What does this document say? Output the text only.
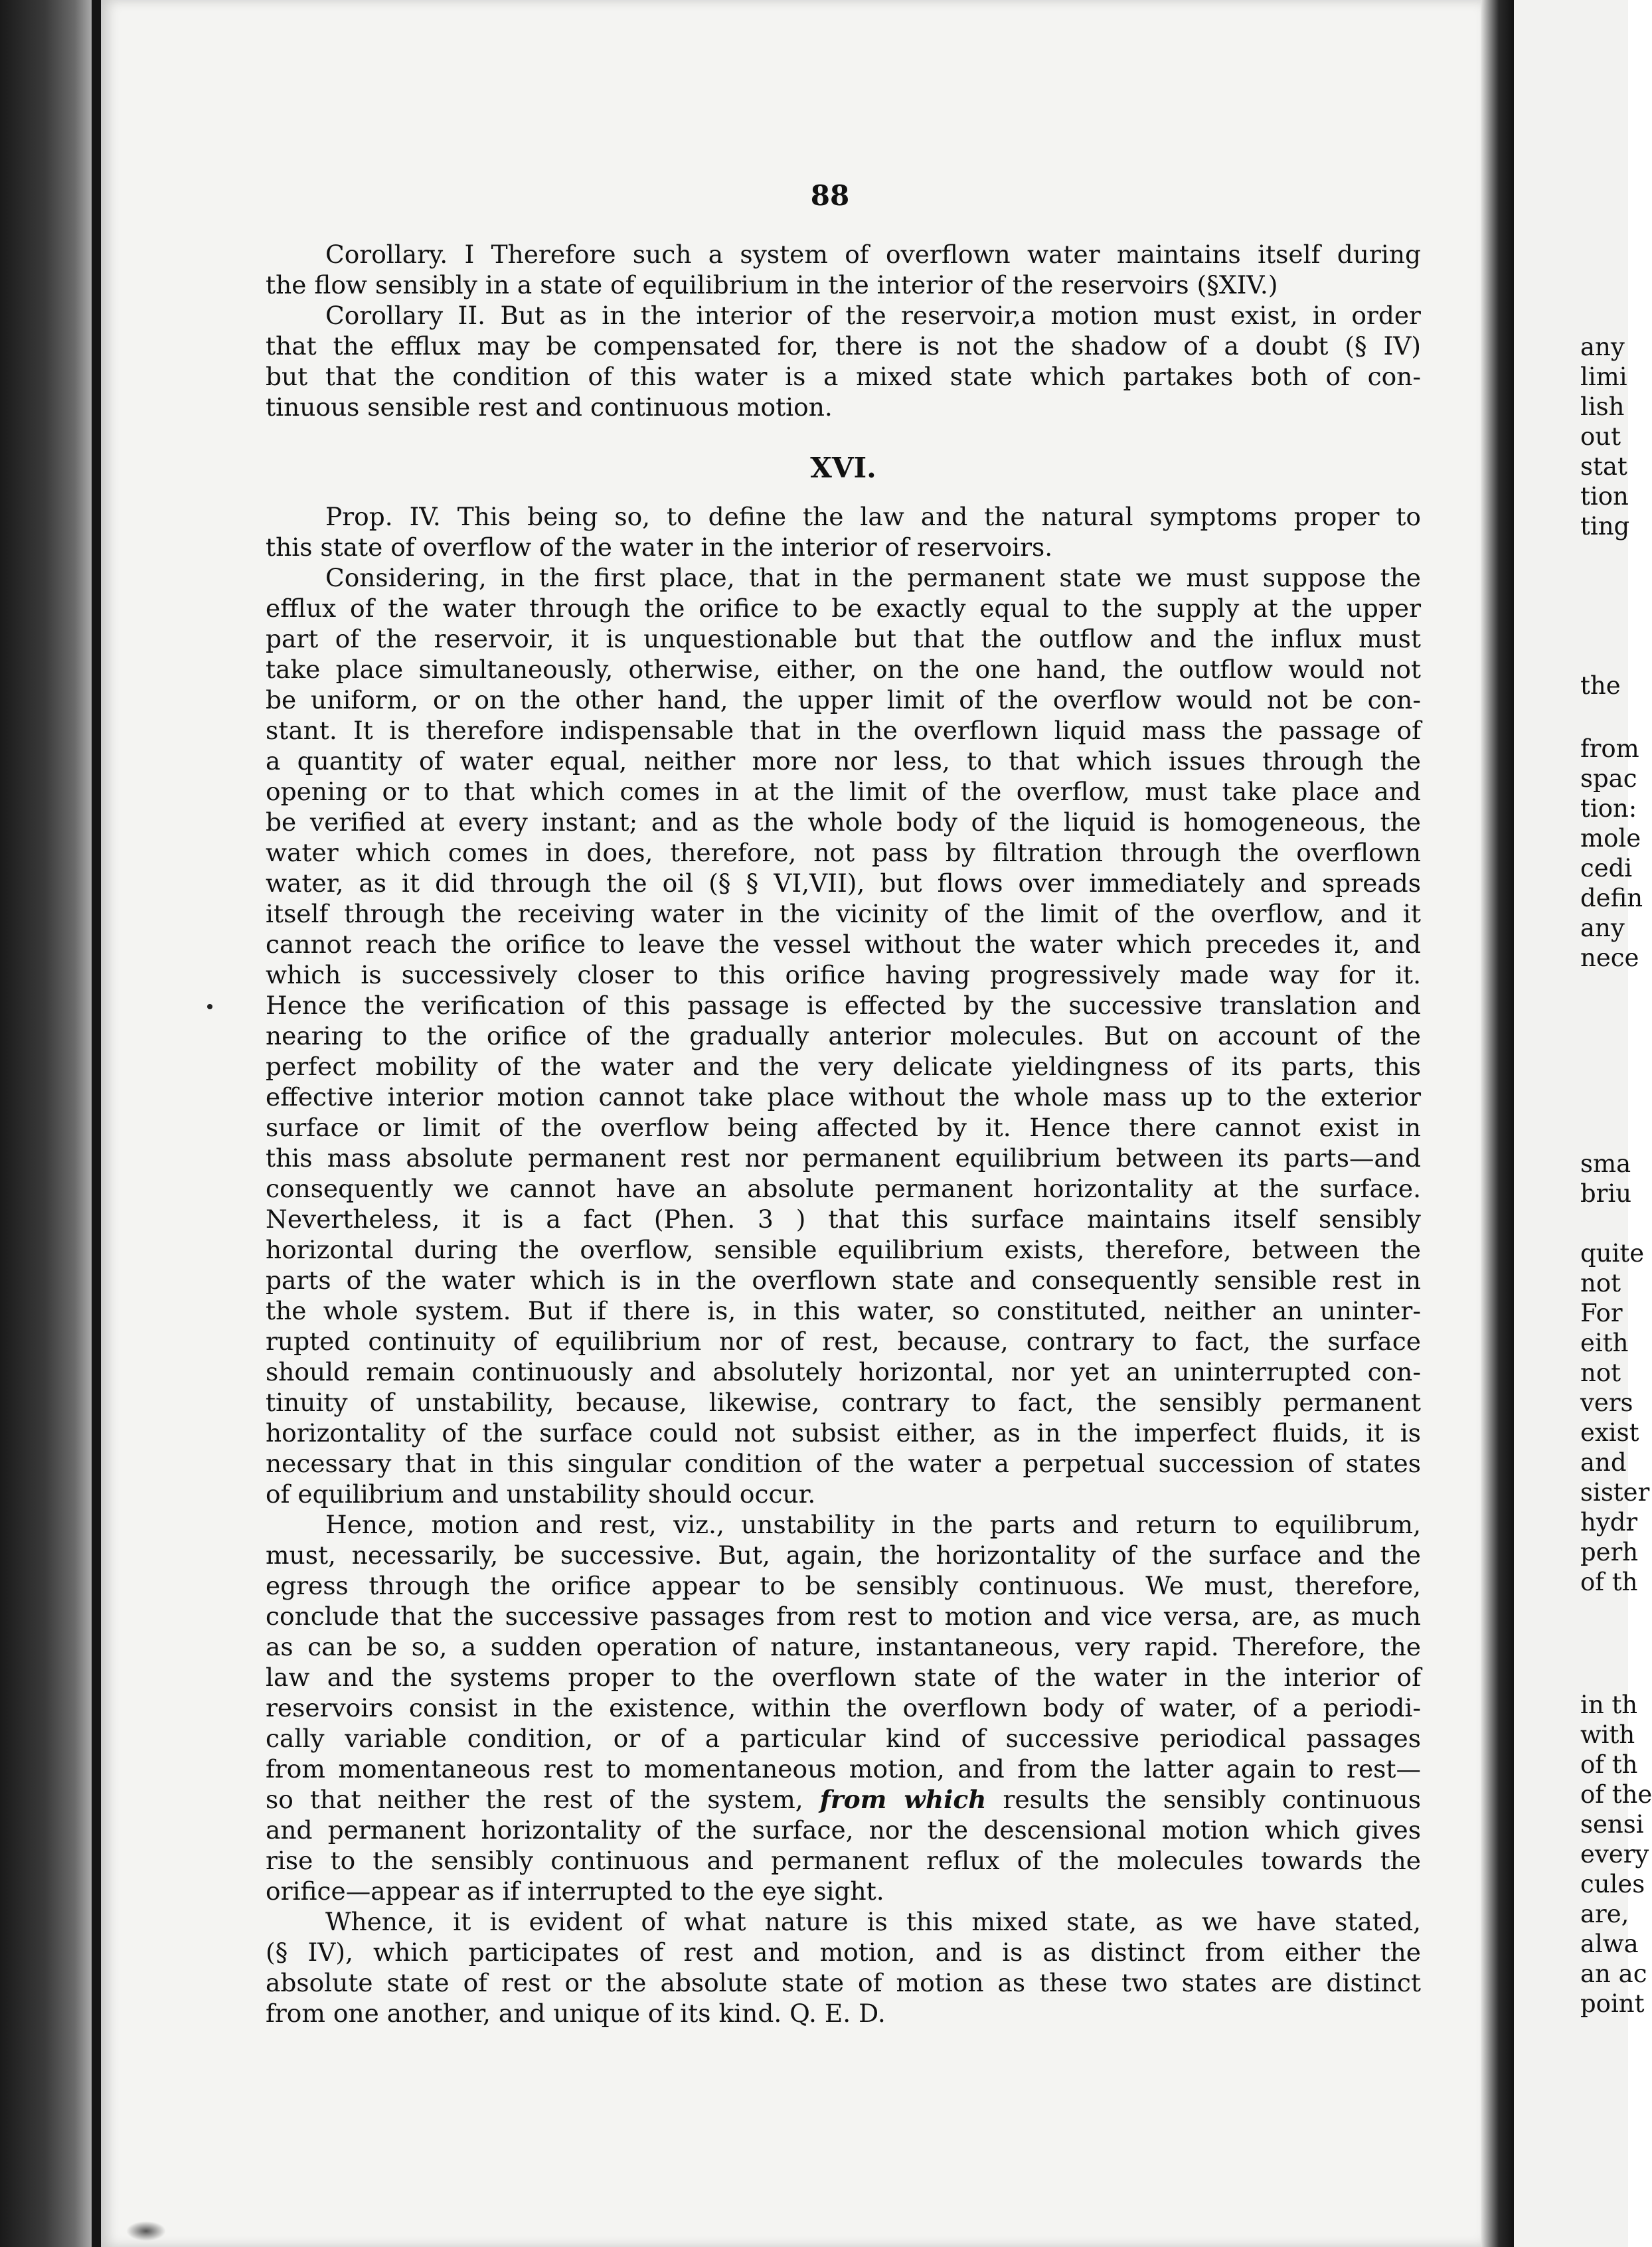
88
Corollary. I Therefore such a system of overflown water maintains itself during
the flow sensibly in a state of equilibrium in the interior of the reservoirs (§XIV.)
Corollary II. But as in the interior of the reservoir,a motion must exist, in order
that the efflux may be compensated for, there is not the shadow of a doubt (§ IV)
but that the condition of this water is a mixed state which partakes both of con-
tinuous sensible rest and continuous motion.
XVI.
Prop. IV. This being so, to define the law and the natural symptoms proper to
this state of overflow of the water in the interior of reservoirs.
Considering, in the first place, that in the permanent state we must suppose the
efflux of the water through the orifice to be exactly equal to the supply at the upper
part of the reservoir, it is unquestionable but that the outflow and the influx must
take place simultaneously, otherwise, either, on the one hand, the outflow would not
be uniform, or on the other hand, the upper limit of the overflow would not be con-
stant. It is therefore indispensable that in the overflown liquid mass the passage of
a quantity of water equal, neither more nor less, to that which issues through the
opening or to that which comes in at the limit of the overflow, must take place and
be verified at every instant; and as the whole body of the liquid is homogeneous, the
water which comes in does, therefore, not pass by filtration through the overflown
water, as it did through the oil (§ § VI,VII), but flows over immediately and spreads
itself through the receiving water in the vicinity of the limit of the overflow, and it
cannot reach the orifice to leave the vessel without the water which precedes it, and
which is successively closer to this orifice having progressively made way for it.
Hence the verification of this passage is effected by the successive translation and
nearing to the orifice of the gradually anterior molecules. But on account of the
perfect mobility of the water and the very delicate yieldingness of its parts, this
effective interior motion cannot take place without the whole mass up to the exterior
surface or limit of the overflow being affected by it. Hence there cannot exist in
this mass absolute permanent rest nor permanent equilibrium between its parts—and
consequently we cannot have an absolute permanent horizontality at the surface.
Nevertheless, it is a fact (Phen. 3 ) that this surface maintains itself sensibly
horizontal during the overflow, sensible equilibrium exists, therefore, between the
parts of the water which is in the overflown state and consequently sensible rest in
the whole system. But if there is, in this water, so constituted, neither an uninter-
rupted continuity of equilibrium nor of rest, because, contrary to fact, the surface
should remain continuously and absolutely horizontal, nor yet an uninterrupted con-
tinuity of unstability, because, likewise, contrary to fact, the sensibly permanent
horizontality of the surface could not subsist either, as in the imperfect fluids, it is
necessary that in this singular condition of the water a perpetual succession of states
of equilibrium and unstability should occur.
Hence, motion and rest, viz., unstability in the parts and return to equilibrum,
must, necessarily, be successive. But, again, the horizontality of the surface and the
egress through the orifice appear to be sensibly continuous. We must, therefore,
conclude that the successive passages from rest to motion and vice versa, are, as much
as can be so, a sudden operation of nature, instantaneous, very rapid. Therefore, the
law and the systems proper to the overflown state of the water in the interior of
reservoirs consist in the existence, within the overflown body of water, of a periodi-
cally variable condition, or of a particular kind of successive periodical passages
from momentaneous rest to momentaneous motion, and from the latter again to rest—
so that neither the rest of the system, from which results the sensibly continuous
and permanent horizontality of the surface, nor the descensional motion which gives
rise to the sensibly continuous and permanent reflux of the molecules towards the
orifice—appear as if interrupted to the eye sight.
Whence, it is evident of what nature is this mixed state, as we have stated,
(§ IV), which participates of rest and motion, and is as distinct from either the
absolute state of rest or the absolute state of motion as these two states are distinct
from one another, and unique of its kind. Q. E. D.
any
limi
lish
out
stat
tion
ting
the
from
spac
tion:
mole
cedi
defin
any
nece
sma
briu
quite
not
For
eith
not
vers
exist
and
sister
hydr
perh
of th
in th
with
of th
of the
sensi
every
cules
are,
alwa
an ac
point
